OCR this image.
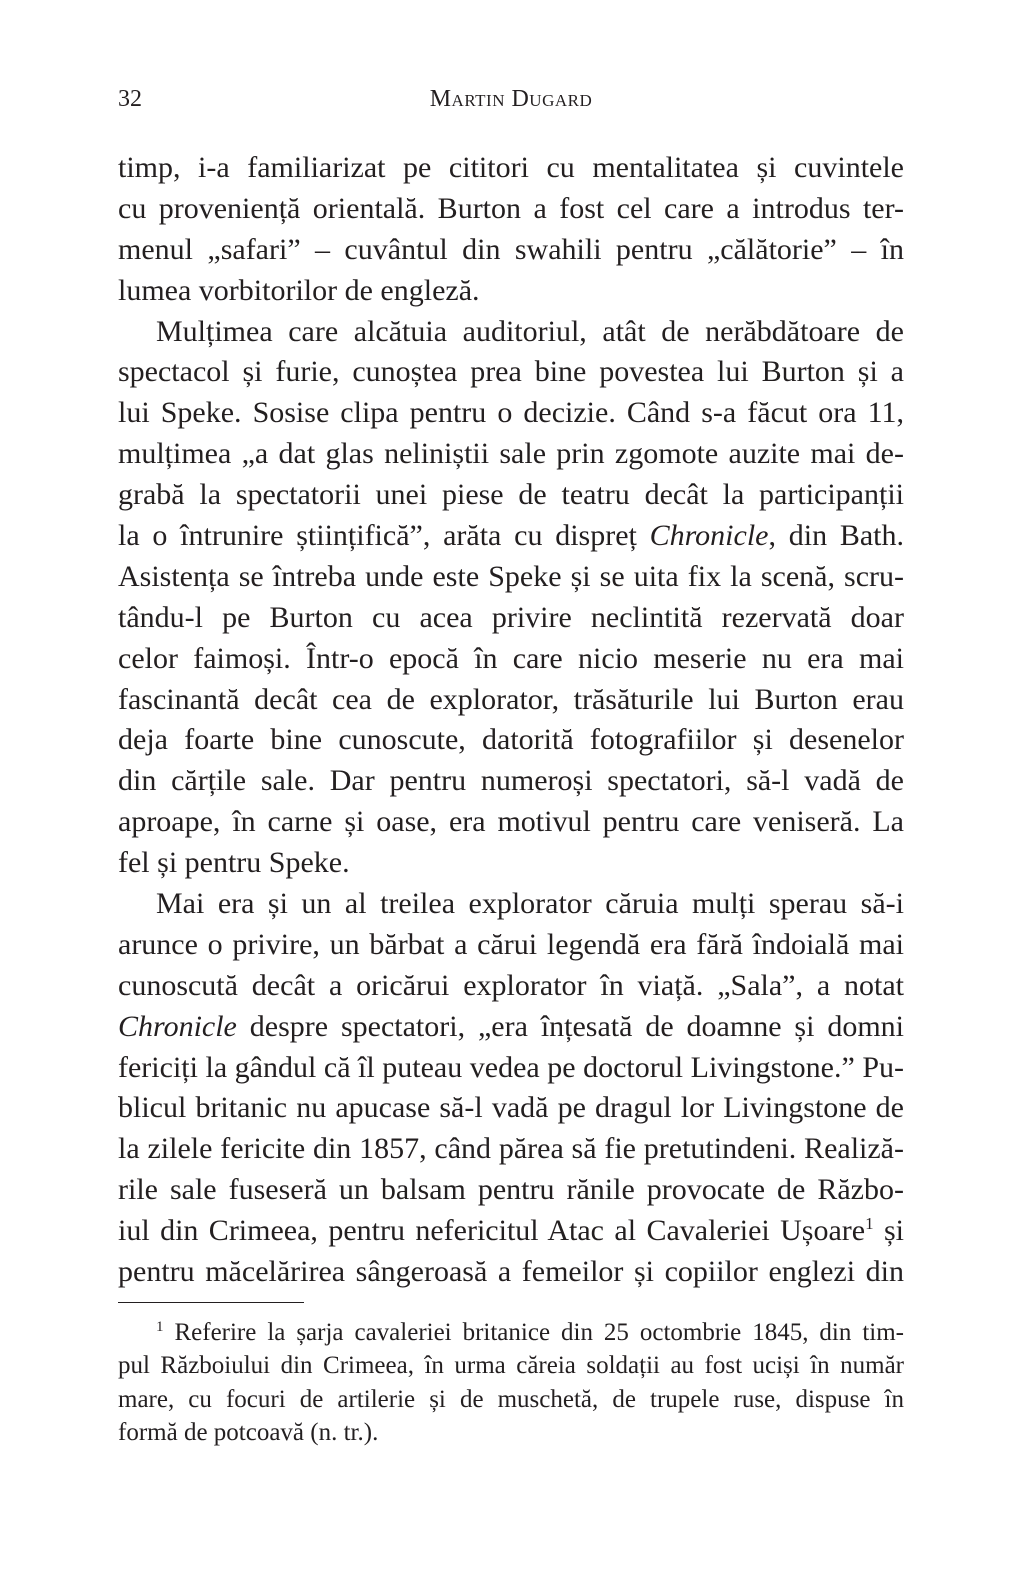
32	Martin Dugard
timp, i-a familiarizat pe cititori cu mentalitatea și cuvintele
cu proveniență orientală. Burton a fost cel care a introdus ter-
menul „safari” – cuvântul din swahili pentru „călătorie” – în
lumea vorbitorilor de engleză.
Mulțimea care alcătuia auditoriul, atât de nerăbdătoare de
spectacol și furie, cunoștea prea bine povestea lui Burton și a
lui Speke. Sosise clipa pentru o decizie. Când s-a făcut ora 11,
mulțimea „a dat glas neliniștii sale prin zgomote auzite mai de-
grabă la spectatorii unei piese de teatru decât la participanții
la o întrunire științifică”, arăta cu dispreț Chronicle, din Bath.
Asistența se întreba unde este Speke și se uita fix la scenă, scru-
tându-l pe Burton cu acea privire neclintită rezervată doar
celor faimoși. Într-o epocă în care nicio meserie nu era mai
fascinantă decât cea de explorator, trăsăturile lui Burton erau
deja foarte bine cunoscute, datorită fotografiilor și desenelor
din cărțile sale. Dar pentru numeroși spectatori, să-l vadă de
aproape, în carne și oase, era motivul pentru care veniseră. La
fel și pentru Speke.
Mai era și un al treilea explorator căruia mulți sperau să-i
arunce o privire, un bărbat a cărui legendă era fără îndoială mai
cunoscută decât a oricărui explorator în viață. „Sala”, a notat
Chronicle despre spectatori, „era înțesată de doamne și domni
fericiți la gândul că îl puteau vedea pe doctorul Livingstone.” Pu-
blicul britanic nu apucase să-l vadă pe dragul lor Livingstone de
la zilele fericite din 1857, când părea să fie pretutindeni. Realiză-
rile sale fuseseră un balsam pentru rănile provocate de Războ-
iul din Crimeea, pentru nefericitul Atac al Cavaleriei Ușoare$^1$ și
pentru măcelărirea sângeroasă a femeilor și copiilor englezi din
$^1$ Referire la șarja cavaleriei britanice din 25 octombrie 1845, din tim-
pul Războiului din Crimeea, în urma căreia soldații au fost uciși în număr
mare, cu focuri de artilerie și de muschetă, de trupele ruse, dispuse în
formă de potcoavă (n. tr.).
